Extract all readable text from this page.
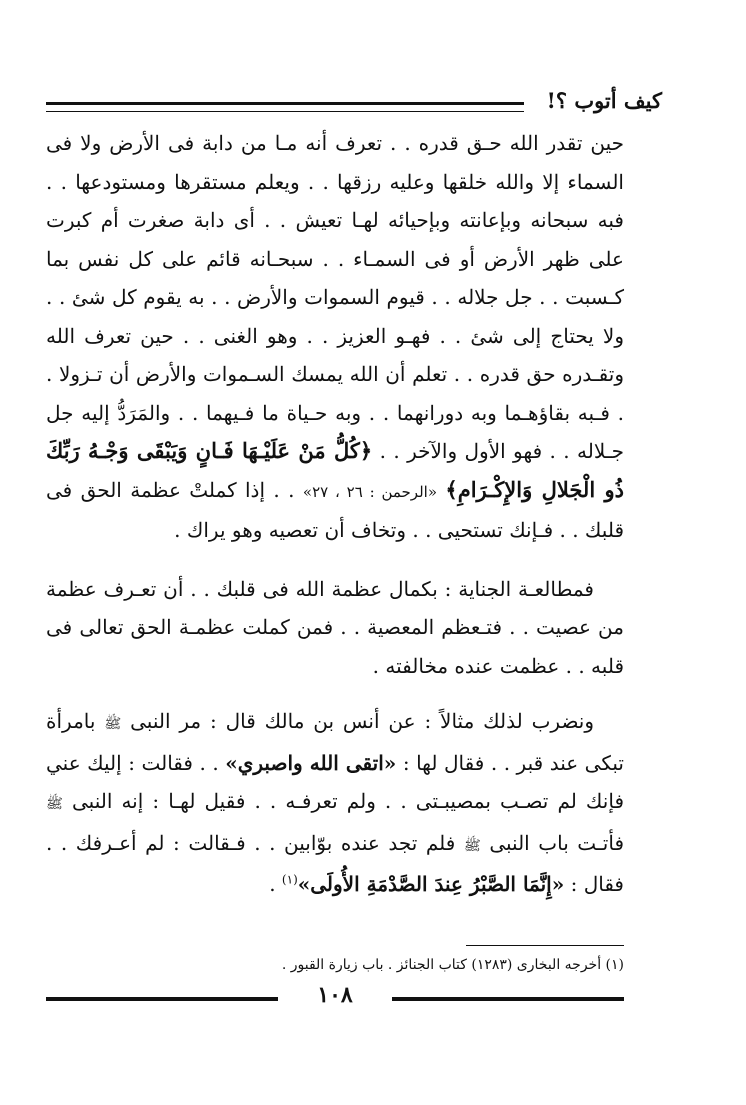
كيف أتوب ؟!

حين تقدر الله حـق قدره . . تعرف أنه مـا من دابة فى الأرض ولا فى السماء إلا والله خلقها وعليه رزقها . . ويعلم مستقرها ومستودعها . . فبه سبحانه وبإعانته وبإحيائه لهـا تعيش . . أى دابة صغرت أم كبرت على ظهر الأرض أو فى السمـاء . . سبحـانه قائم على كل نفس بما كـسبت . . جل جلاله . . قيوم السموات والأرض . . به يقوم كل شئ . . ولا يحتاج إلى شئ . . فهـو العزيز . . وهو الغنى . . حين تعرف الله وتقـدره حق قدره . . تعلم أن الله يمسك السـموات والأرض أن تـزولا . . فـبه بقاؤهـما وبه دورانهما . . وبه حـياة ما فـيهما . . والمَرَدُّ إليه جل جـلاله . . فهو الأول والآخر . . ﴿كُلُّ مَنْ عَلَيْـهَا فَـانٍ وَيَبْقَى وَجْـهُ رَبِّكَ ذُو الْجَلالِ وَالإِكْـرَامِ﴾ «الرحمن : ٢٦ ، ٢٧» . . إذا كملتْ عظمة الحق فى قلبك . . فـإنك تستحيى . . وتخاف أن تعصيه وهو يراك .

فمطالعـة الجناية : بكمال عظمة الله فى قلبك . . أن تعـرف عظمة من عصيت . . فتـعظم المعصية . . فمن كملت عظمـة الحق تعالى فى قلبه . . عظمت عنده مخالفته .

ونضرب لذلك مثالاً : عن أنس بن مالك قال : مر النبى ﷺ بامرأة تبكى عند قبر . . فقال لها : «اتقى الله واصبري» . . فقالت : إليك عني فإنك لم تصـب بمصيبـتى . . ولم تعرفـه . . فقيل لهـا : إنه النبى ﷺ فأتـت باب النبى ﷺ فلم تجد عنده بوّابين . . فـقالت : لم أعـرفك . . فقال : «إِنَّمَا الصَّبْرُ عِندَ الصَّدْمَةِ الأُولَى»$^{(١)}$ .

(١) أخرجه البخارى (١٢٨٣) كتاب الجنائز . باب زيارة القبور .
١٠٨
